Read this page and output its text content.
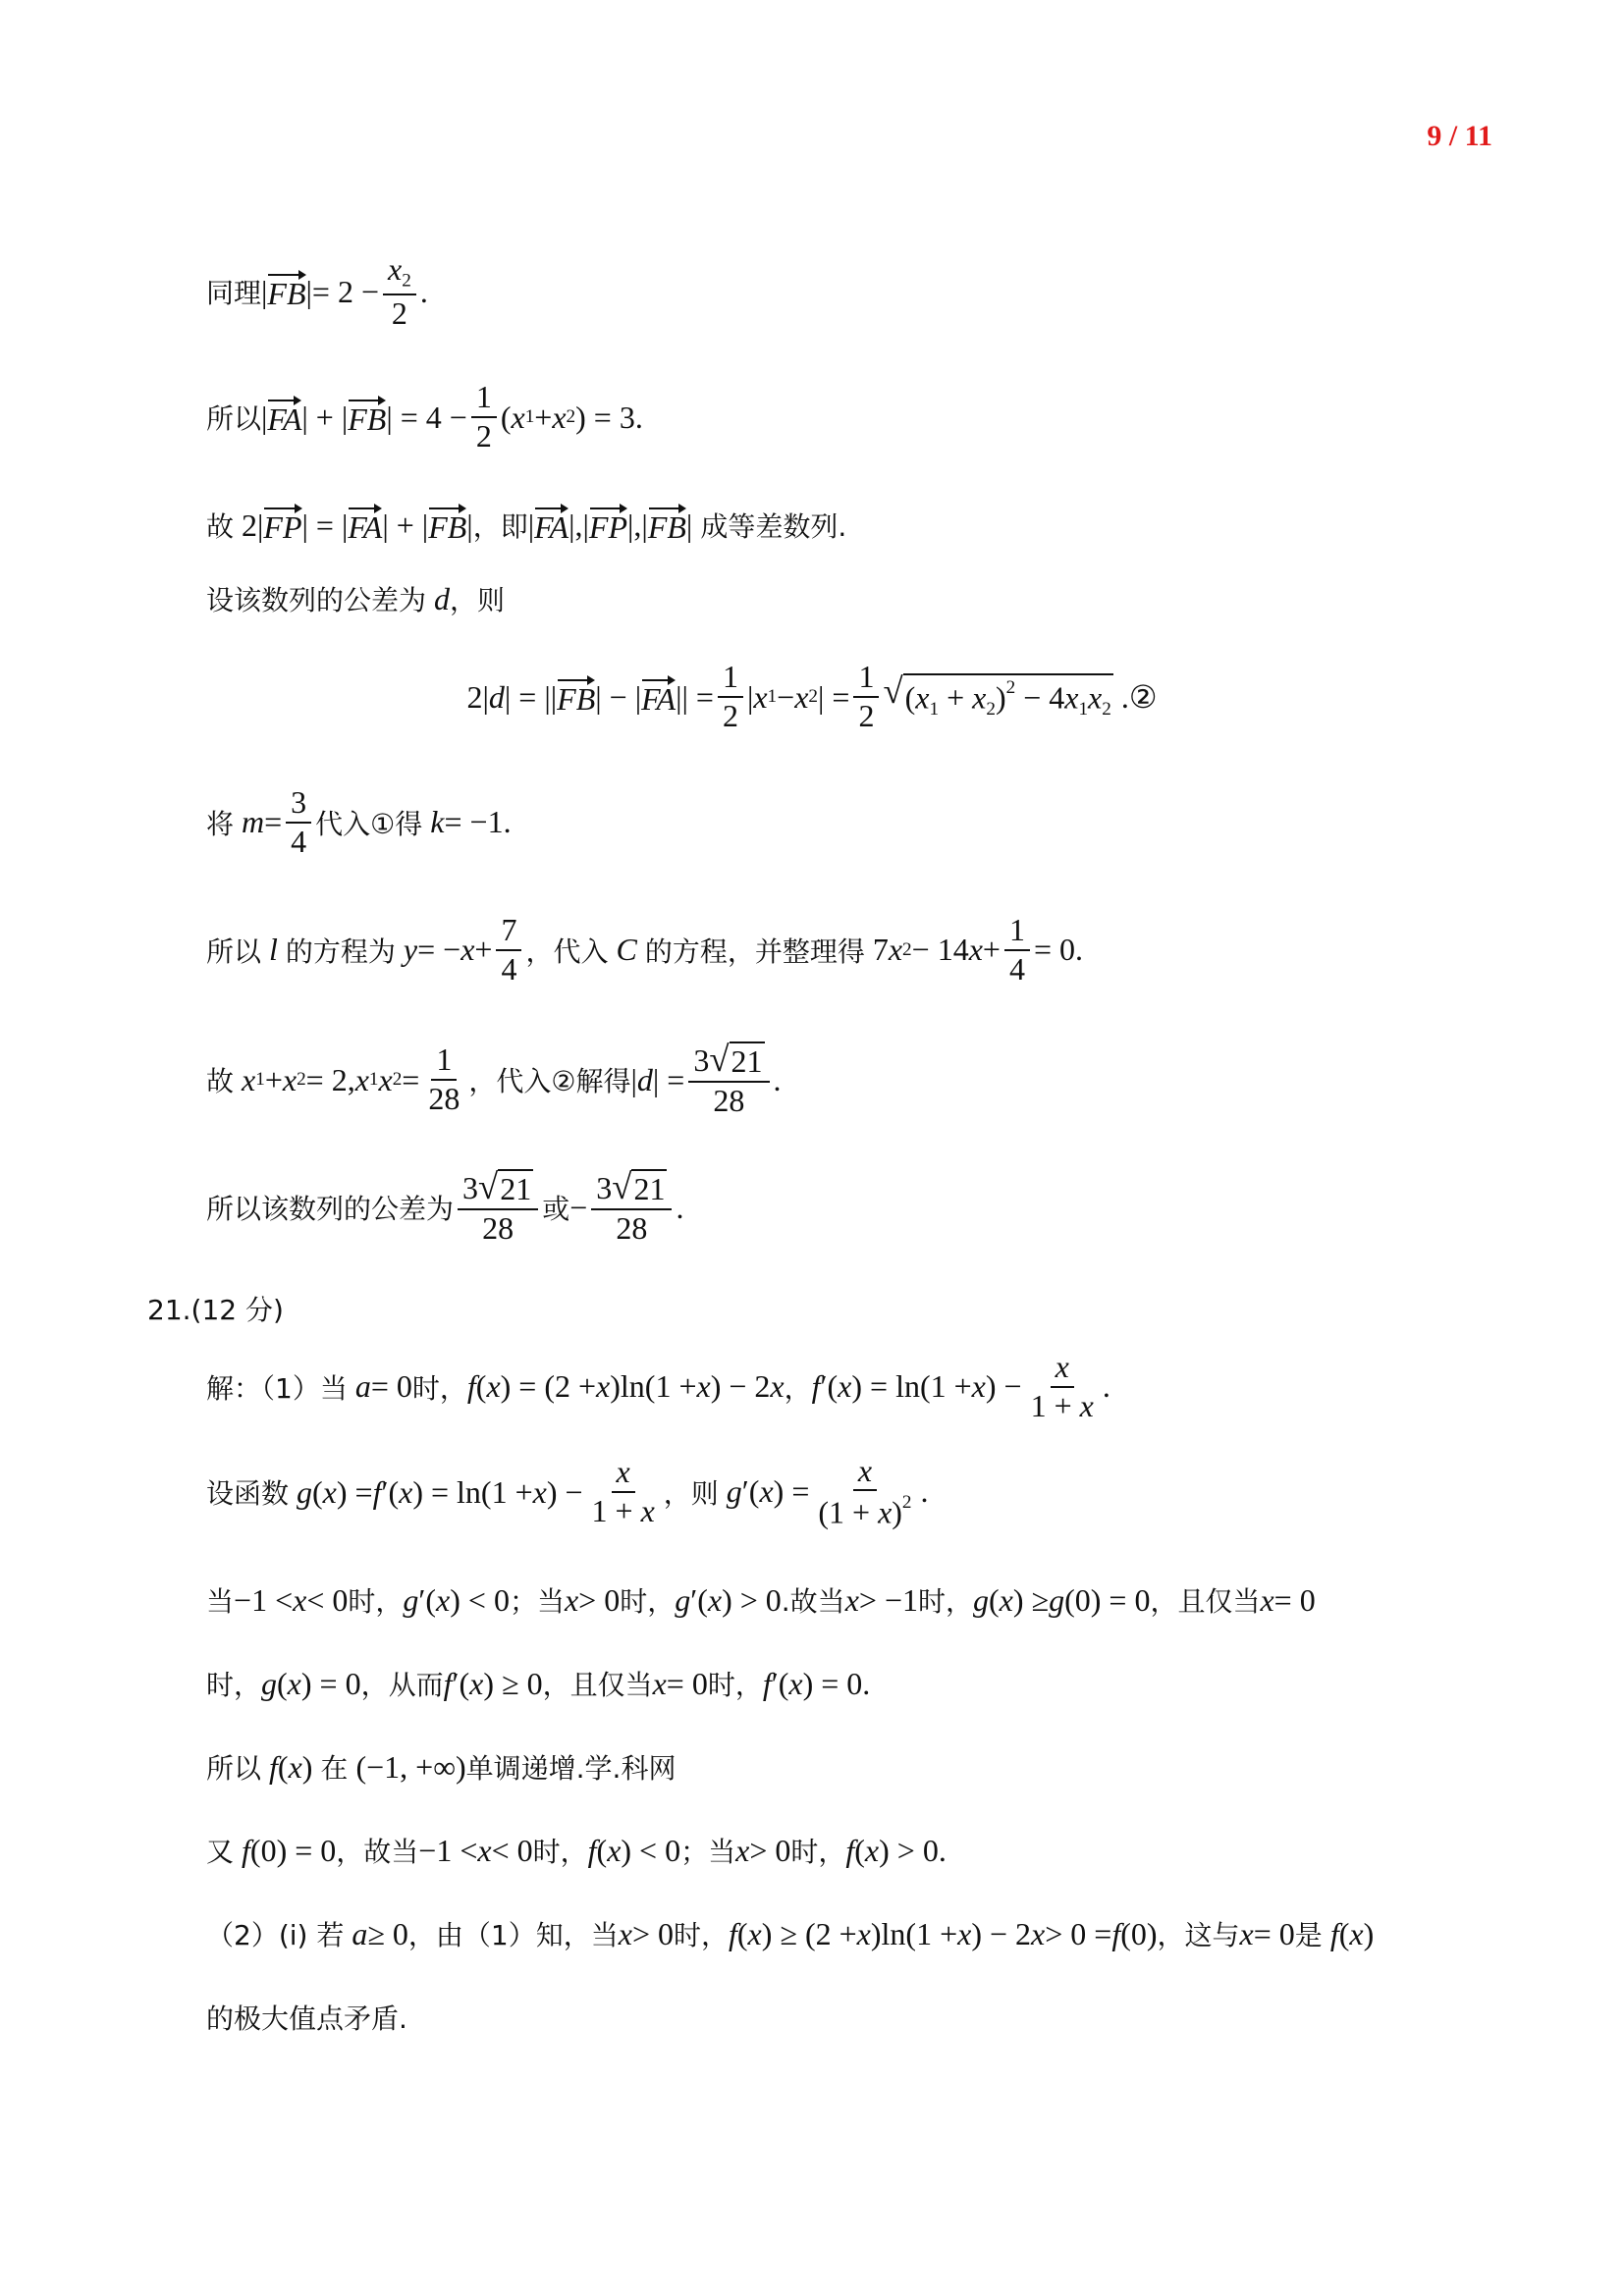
9 / 11
同理 | FB |= $2 - \frac{x_2}{2}$ .
所以 | FA | + | FB | = $4 - \frac{1}{2}$ ( x 1 + x 2 ) = 3.
故 2| FP | = | FA | + | FB | ，即 | FA |,| FP |,| FB | 成等差数列.
设该数列的公差为 d ，则
2| d | = || FB | − | FA || = $\frac{1}{2}$ | x 1 − x 2 | = $\frac{1}{2}$ √ $(x_1 + x_2)^2 - 4x_1x_2$ .②
将 $m = \frac{3}{4}$ 代入①得 k = −1.
所以 l 的方程为 y = − $x + \frac{7}{4}$ ，代入 C 的方程，并整理得 7 x 2 − 14 $x + \frac{1}{4} = 0$.
故
x 1 + x 2 = 2, x 1 x $2 = \frac{1}{28}$ ，代入②解得 | d | = $\frac{3 √ 21}{28}$ .
所以该数列的公差为 $\frac{3 √ 21}{28}$ 或 − $\frac{3 √ 21}{28}$ .
21.(12 分)
解：（1）当 a = 0 时， f ( x ) = (2 + x )ln(1 + x ) − 2 x ， f ′( x ) = ln(1 + x ) − $\frac{x}{1 + x}$ .
设函数
g ( x ) = f ′( x ) = ln(1 + x ) − $\frac{x}{1 + x}$ ，则
g ′( x ) = $\frac{x}{(1 + x)^2}$ .
当 −1 < x < 0 时， g ′( x ) < 0 ；当 x > 0 时， g ′( x ) > 0 .故当 x > −1 时， g ( x ) ≥ g (0) = 0 ，且仅当 x = 0
时， g ( x ) = 0 ，从而 f ′( x ) ≥ 0 ，且仅当 x = 0 时， f ′( x ) = 0.
所以
f ( x ) 在 (−1, +∞) 单调递增.学.科网
又
f (0) = 0 ，故当 −1 < x < 0 时， f ( x ) < 0 ；当 x > 0 时， f ( x ) > 0.
（2）(i) 若 a ≥ 0 ，由（1）知，当 x > 0 时， f ( x ) ≥ (2 + x )ln(1 + x ) − 2 x > 0 = f (0) ，这与 x = 0 是
f ( x )
的极大值点矛盾.
